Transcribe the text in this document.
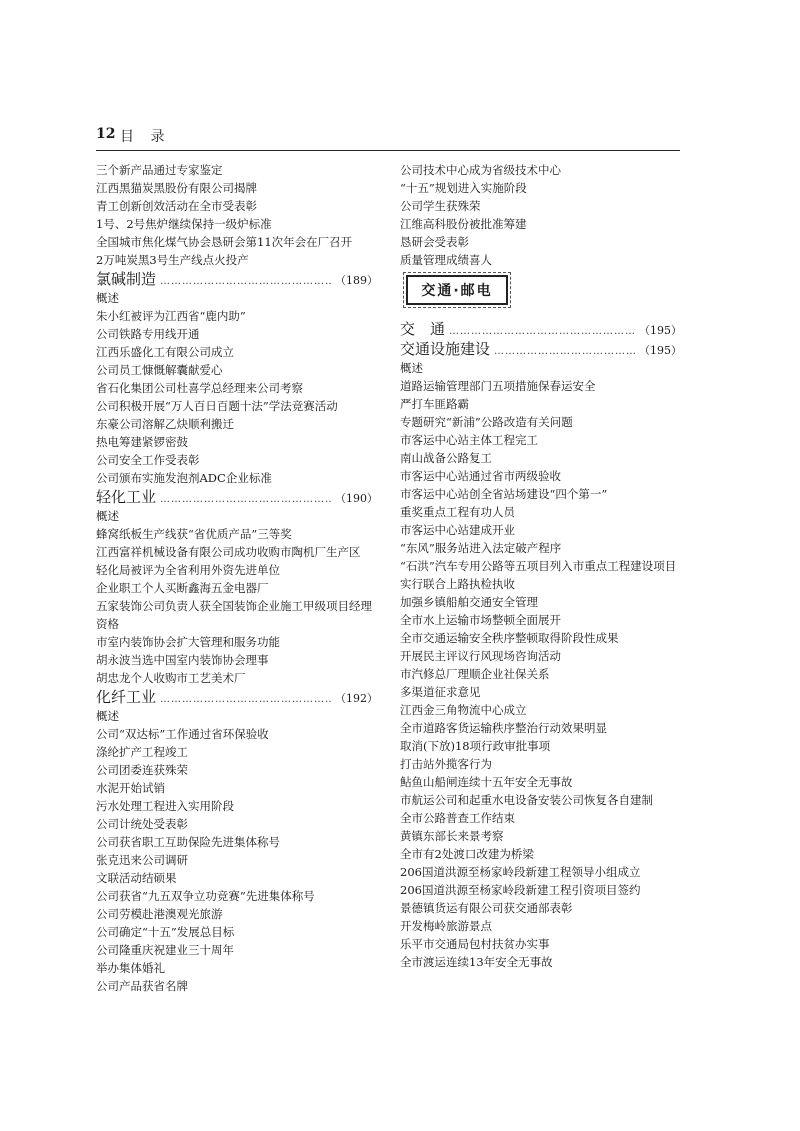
12 目 录
三个新产品通过专家鉴定
江西黑猫炭黑股份有限公司揭牌
青工创新创效活动在全市受表彰
1号、2号焦炉继续保持一级炉标准
全国城市焦化煤气协会恳研会第11次年会在厂召开
2万吨炭黑3号生产线点火投产
氯碱制造 …………………………………………………………………………………………………………	（189）
概述
朱小红被评为江西省“鹿内助”
公司铁路专用线开通
江西乐盛化工有限公司成立
公司员工慷慨解囊献爱心
省石化集团公司杜喜学总经理来公司考察
公司积极开展“万人百日百题十法”学法竞赛活动
东豪公司溶解乙炔顺利搬迁
热电筹建紧锣密鼓
公司安全工作受表彰
公司颁布实施发泡剂ADC企业标准
轻化工业 …………………………………………………………………………………………………………	（190）
概述
蜂窝纸板生产线获“省优质产品”三等奖
江西富祥机械设备有限公司成功收购市陶机厂生产区
轻化局被评为全省利用外资先进单位
企业职工个人买断鑫海五金电器厂
五家装饰公司负责人获全国装饰企业施工甲级项目经理资格
市室内装饰协会扩大管理和服务功能
胡永波当选中国室内装饰协会理事
胡忠龙个人收购市工艺美术厂
化纤工业 …………………………………………………………………………………………………………	（192）
概述
公司“双达标”工作通过省环保验收
涤纶扩产工程竣工
公司团委连获殊荣
水泥开始试销
污水处理工程进入实用阶段
公司计统处受表彰
公司获省职工互助保险先进集体称号
张克迅来公司调研
文联活动结硕果
公司获省“九五双争立功竞赛”先进集体称号
公司劳模赴港澳观光旅游
公司确定“十五”发展总目标
公司隆重庆祝建业三十周年
举办集体婚礼
公司产品获省名牌
公司技术中心成为省级技术中心
“十五”规划进入实施阶段
公司学生获殊荣
江维高科股份被批准筹建
恳研会受表彰
质量管理成绩喜人
交通·邮电
交　通 …………………………………………………………………………………………………………	（195）
交通设施建设 …………………………………………………………………………………………………………	（195）
概述
道路运输管理部门五项措施保春运安全
严打车匪路霸
专题研究“新浦”公路改造有关问题
市客运中心站主体工程完工
南山战备公路复工
市客运中心站通过省市两级验收
市客运中心站创全省站场建设“四个第一”
重奖重点工程有功人员
市客运中心站建成开业
“东风”服务站进入法定破产程序
“石洪”汽车专用公路等五项目列入市重点工程建设项目
实行联合上路执检执收
加强乡镇船舶交通安全管理
全市水上运输市场整顿全面展开
全市交通运输安全秩序整顿取得阶段性成果
开展民主评议行风现场咨询活动
市汽修总厂理顺企业社保关系
多渠道征求意见
江西金三角物流中心成立
全市道路客货运输秩序整治行动效果明显
取消(下放)18项行政审批事项
打击站外揽客行为
鲇鱼山船闸连续十五年安全无事故
市航运公司和起重水电设备安装公司恢复各自建制
全市公路普查工作结束
黄镇东部长来景考察
全市有2处渡口改建为桥梁
206国道洪源至杨家岭段新建工程领导小组成立
206国道洪源至杨家岭段新建工程引资项目签约
景德镇货运有限公司获交通部表彰
开发梅岭旅游景点
乐平市交通局包村扶贫办实事
全市渡运连续13年安全无事故
